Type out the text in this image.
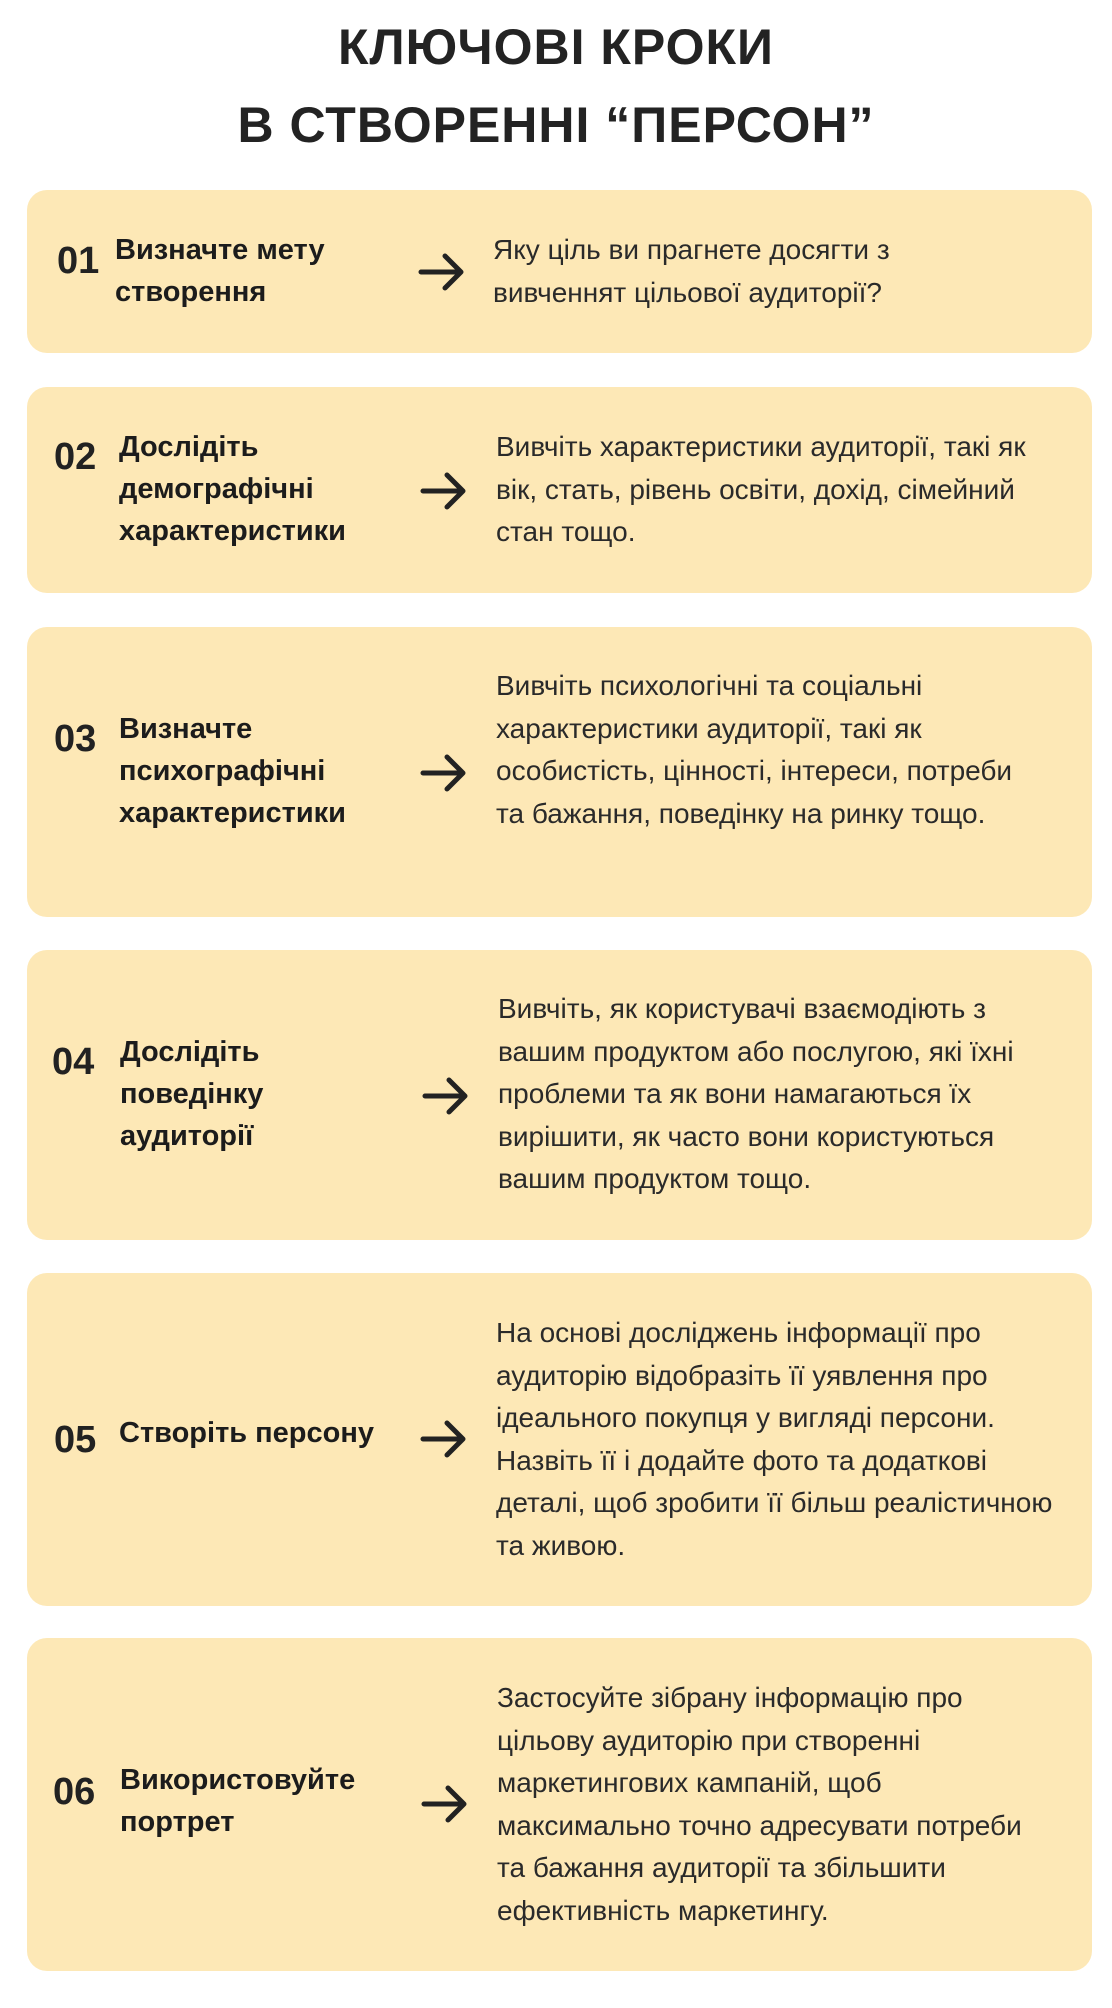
КЛЮЧОВІ КРОКИ
В СТВОРЕННІ “ПЕРСОН”
01 Визначте мету створення
Яку ціль ви прагнете досягти з вивченнят цільової аудиторії?
02 Дослідіть демографічні характеристики
Вивчіть характеристики аудиторії, такі як вік, стать, рівень освіти, дохід, сімейний стан тощо.
03 Визначте психографічні характеристики
Вивчіть психологічні та соціальні характеристики аудиторії, такі як особистість, цінності, інтереси, потреби та бажання, поведінку на ринку тощо.
04 Дослідіть поведінку аудиторії
Вивчіть, як користувачі взаємодіють з вашим продуктом або послугою, які їхні проблеми та як вони намагаються їх вирішити, як часто вони користуються вашим продуктом тощо.
05 Створіть персону
На основі досліджень інформації про аудиторію відобразіть її уявлення про ідеального покупця у вигляді персони. Назвіть її і додайте фото та додаткові деталі, щоб зробити її більш реалістичною та живою.
06 Використовуйте портрет
Застосуйте зібрану інформацію про цільову аудиторію при створенні маркетингових кампаній, щоб максимально точно адресувати потреби та бажання аудиторії та збільшити ефективність маркетингу.
